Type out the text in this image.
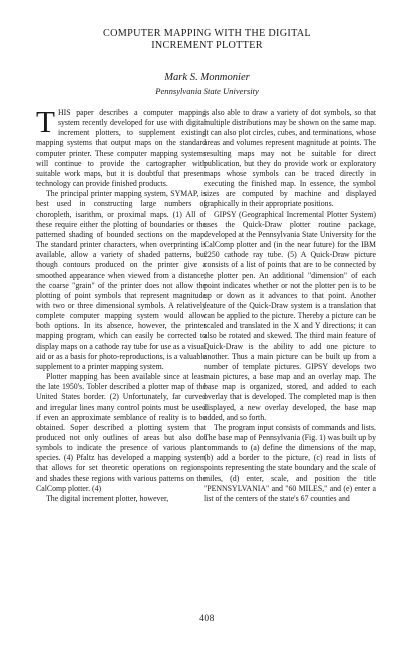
COMPUTER MAPPING WITH THE DIGITAL
INCREMENT PLOTTER
Mark S. Monmonier
Pennsylvania State University

THIS paper describes a computer mapping system recently developed for use with digital increment plotters, to supplement existing mapping systems that output maps on the standard computer printer. These computer mapping systems will continue to provide the cartographer with suitable work maps, but it is doubtful that present technology can provide finished products.

The principal printer mapping system, SYMAP, is best used in constructing large numbers of choropleth, isarithm, or proximal maps. (1) All of these require either the plotting of boundaries or the patterned shading of bounded sections on the map. The standard printer characters, when overprinting is available, allow a variety of shaded patterns, but though contours produced on the printer give a smoothed appearance when viewed from a distance, the coarse "grain" of the printer does not allow the plotting of point symbols that represent magnitude with two or three dimensional symbols. A relatively complete computer mapping system would allow both options. In its absence, however, the printer mapping program, which can easily be corrected to display maps on a cathode ray tube for use as a visual aid or as a basis for photo-reproductions, is a valuable supplement to a printer mapping system.

Plotter mapping has been available since at least the late 1950's. Tobler described a plotter map of the United States border. (2) Unfortunately, far curved and irregular lines many control points must be used if even an approximate semblance of reality is to be obtained. Soper described a plotting system that produced not only outlines of areas but also dot symbols to indicate the presence of various plant species. (4) Pfaltz has developed a mapping system that allows for set theoretic operations on regions, and shades these regions with various patterns on the CalComp plotter. (4)

The digital increment plotter, however,

is also able to draw a variety of dot symbols, so that multiple distributions may be shown on the same map. It can also plot circles, cubes, and terminations, whose areas and volumes represent magnitude at points. The resulting maps may not be suitable for direct publication, but they do provide work or exploratory maps whose symbols can be traced directly in executing the finished map. In essence, the symbol sizes are computed by machine and displayed graphically in their appropriate positions.

GIPSY (Geographical Incremental Plotter System) uses the Quick-Draw plotter routine package, developed at the Pennsylvania State University for the CalComp plotter and (in the near future) for the IBM 2250 cathode ray tube. (5) A Quick-Draw picture consists of a list of points that are to be connected by the plotter pen. An additional "dimension" of each point indicates whether or not the plotter pen is to be up or down as it advances to that point. Another feature of the Quick-Draw system is a translation that can be applied to the picture. Thereby a picture can be scaled and translated in the X and Y directions; it can also be rotated and skewed. The third main feature of Quick-Draw is the ability to add one picture to another. Thus a main picture can be built up from a number of template pictures. GIPSY develops two main pictures, a base map and an overlay map. The base map is organized, stored, and added to each overlay that is developed. The completed map is then displayed, a new overlay developed, the base map added, and so forth.

The program input consists of commands and lists. The base map of Pennsylvania (Fig. 1) was built up by commands to (a) define the dimensions of the map, (b) add a border to the picture, (c) read in lists of points representing the state boundary and the scale of miles, (d) enter, scale, and position the title "PENNSYLVANIA" and "60 MILES," and (e) enter a list of the centers of the state's 67 counties and

408
